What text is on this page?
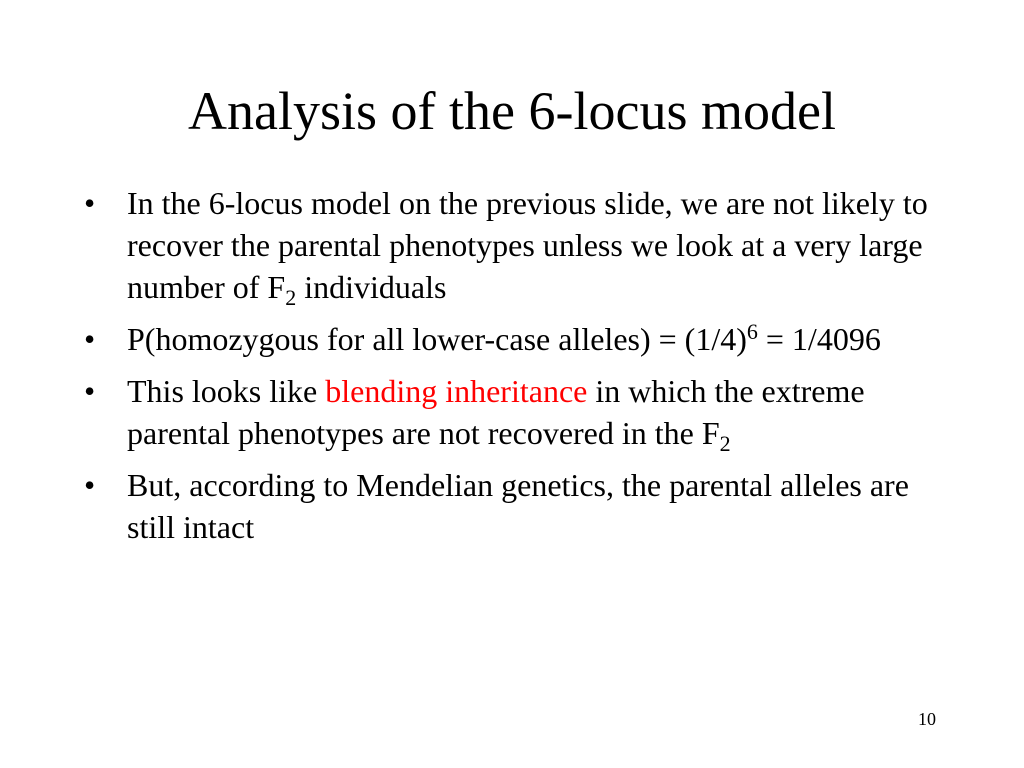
Analysis of the 6-locus model
• In the 6-locus model on the previous slide, we are not likely to recover the parental phenotypes unless we look at a very large number of $F_2$ individuals
• P(homozygous for all lower-case alleles) = $(1/4)^6 = 1/4096$
• This looks like blending inheritance in which the extreme parental phenotypes are not recovered in the $F_2$
• But, according to Mendelian genetics, the parental alleles are still intact
10
